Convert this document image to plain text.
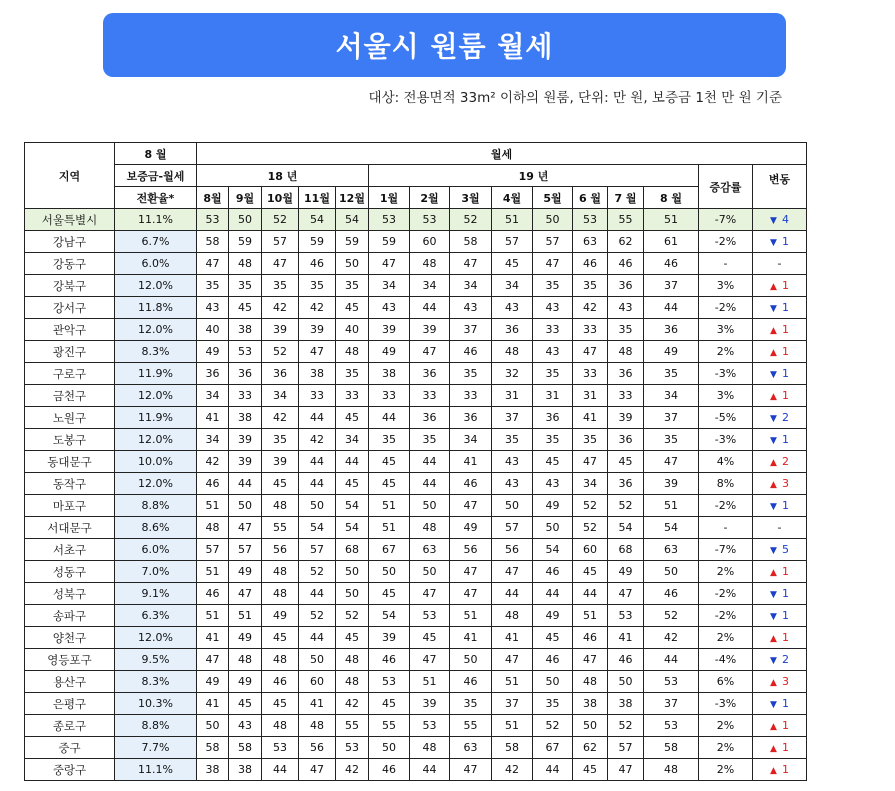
서울시 원룸 월세
대상: 전용면적 33m² 이하의 원룸, 단위: 만 원, 보증금 1천 만 원 기준
지역	8 월	월세														
	보증금-월세	18 년					19 년								증감률	변동
	전환율*	8월	9월	10월	11월	12월	1월	2월	3월	4월	5월	6 월	7 월	8 월		
서울특별시	11.1%	53	50	52	54	54	53	53	52	51	50	53	55	51	-7%	▼ 4
강남구	6.7%	58	59	57	59	59	59	60	58	57	57	63	62	61	-2%	▼ 1
강동구	6.0%	47	48	47	46	50	47	48	47	45	47	46	46	46	-	-
강북구	12.0%	35	35	35	35	35	34	34	34	34	35	35	36	37	3%	▲ 1
강서구	11.8%	43	45	42	42	45	43	44	43	43	43	42	43	44	-2%	▼ 1
관악구	12.0%	40	38	39	39	40	39	39	37	36	33	33	35	36	3%	▲ 1
광진구	8.3%	49	53	52	47	48	49	47	46	48	43	47	48	49	2%	▲ 1
구로구	11.9%	36	36	36	38	35	38	36	35	32	35	33	36	35	-3%	▼ 1
금천구	12.0%	34	33	34	33	33	33	33	33	31	31	31	33	34	3%	▲ 1
노원구	11.9%	41	38	42	44	45	44	36	36	37	36	41	39	37	-5%	▼ 2
도봉구	12.0%	34	39	35	42	34	35	35	34	35	35	35	36	35	-3%	▼ 1
동대문구	10.0%	42	39	39	44	44	45	44	41	43	45	47	45	47	4%	▲ 2
동작구	12.0%	46	44	45	44	45	45	44	46	43	43	34	36	39	8%	▲ 3
마포구	8.8%	51	50	48	50	54	51	50	47	50	49	52	52	51	-2%	▼ 1
서대문구	8.6%	48	47	55	54	54	51	48	49	57	50	52	54	54	-	-
서초구	6.0%	57	57	56	57	68	67	63	56	56	54	60	68	63	-7%	▼ 5
성동구	7.0%	51	49	48	52	50	50	50	47	47	46	45	49	50	2%	▲ 1
성북구	9.1%	46	47	48	44	50	45	47	47	44	44	44	47	46	-2%	▼ 1
송파구	6.3%	51	51	49	52	52	54	53	51	48	49	51	53	52	-2%	▼ 1
양천구	12.0%	41	49	45	44	45	39	45	41	41	45	46	41	42	2%	▲ 1
영등포구	9.5%	47	48	48	50	48	46	47	50	47	46	47	46	44	-4%	▼ 2
용산구	8.3%	49	49	46	60	48	53	51	46	51	50	48	50	53	6%	▲ 3
은평구	10.3%	41	45	45	41	42	45	39	35	37	35	38	38	37	-3%	▼ 1
종로구	8.8%	50	43	48	48	55	55	53	55	51	52	50	52	53	2%	▲ 1
중구	7.7%	58	58	53	56	53	50	48	63	58	67	62	57	58	2%	▲ 1
중랑구	11.1%	38	38	44	47	42	46	44	47	42	44	45	47	48	2%	▲ 1
